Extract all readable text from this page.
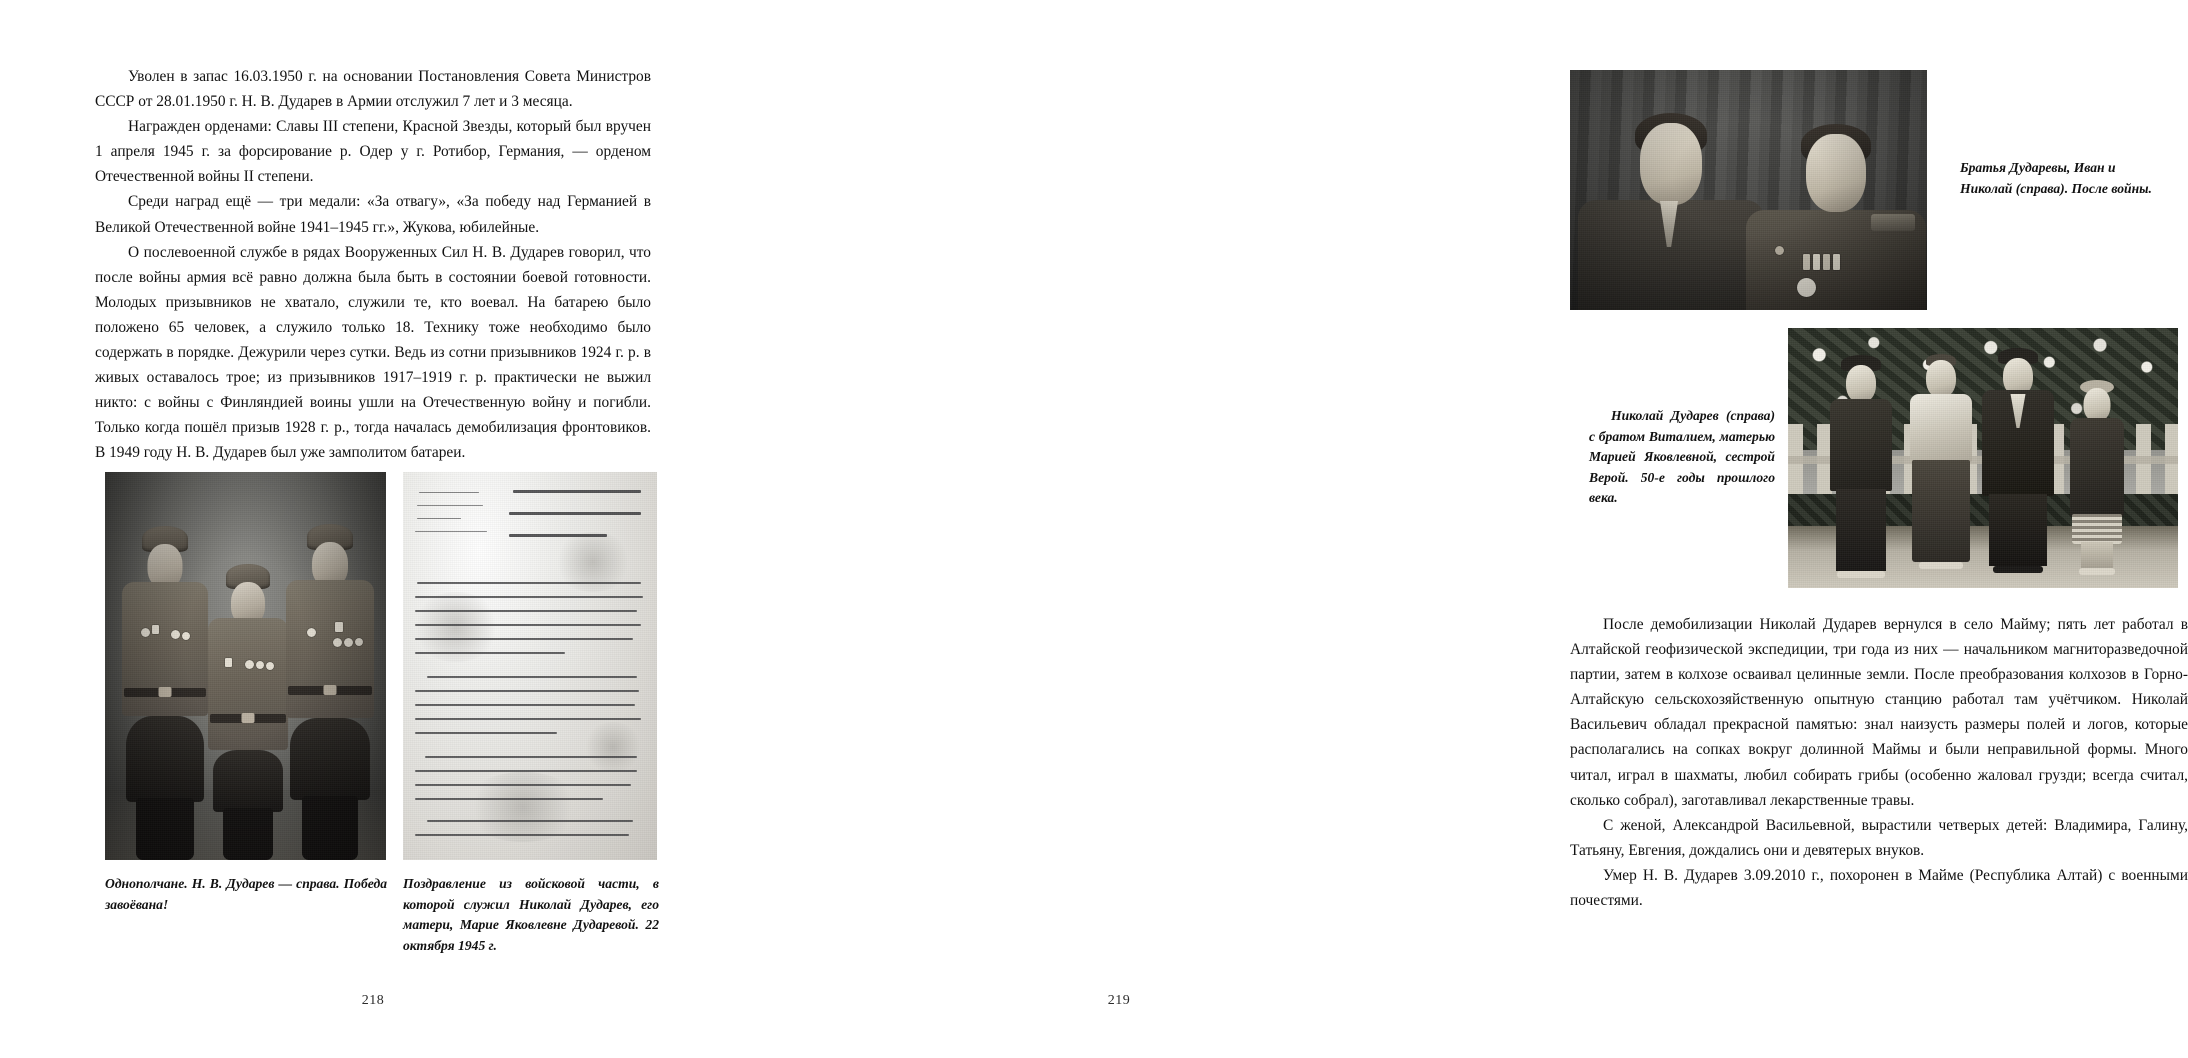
Уволен в запас 16.03.1950 г. на основании Постановления Совета Министров СССР от 28.01.1950 г. Н. В. Дударев в Армии отслужил 7 лет и 3 месяца.

Награжден орденами: Славы III степени, Красной Звезды, который был вручен 1 апреля 1945 г. за форсирование р. Одер у г. Ротибор, Германия, — орденом Отечественной войны II степени.

Среди наград ещё — три медали: «За отвагу», «За победу над Германией в Великой Отечественной войне 1941–1945 гг.», Жукова, юбилейные.

О послевоенной службе в рядах Вооруженных Сил Н. В. Дударев говорил, что после войны армия всё равно должна была быть в состоянии боевой готовности. Молодых призывников не хватало, служили те, кто воевал. На батарею было положено 65 человек, а служило только 18. Технику тоже необходимо было содержать в порядке. Дежурили через сутки. Ведь из сотни призывников 1924 г. р. в живых оставалось трое; из призывников 1917–1919 г. р. практически не выжил никто: с войны с Финляндией воины ушли на Отечественную войну и погибли. Только когда пошёл призыв 1928 г. р., тогда началась демобилизация фронтовиков. В 1949 году Н. В. Дударев был уже замполитом батареи.

Однополчане. Н. В. Дударев — справа. Победа завоёвана!

Поздравление из войсковой части, в которой служил Николай Дударев, его матери, Марие Яковлевне Дударевой. 22 октября 1945 г.

218

Братья Дударевы, Иван и Николай (справа). После войны.

Николай Дударев (справа) с братом Виталием, матерью Марией Яковлевной, сестрой Верой. 50-е годы прошлого века.

После демобилизации Николай Дударев вернулся в село Майму; пять лет работал в Алтайской геофизической экспедиции, три года из них — начальником магниторазведочной партии, затем в колхозе осваивал целинные земли. После преобразования колхозов в Горно-Алтайскую сельскохозяйственную опытную станцию работал там учётчиком. Николай Васильевич обладал прекрасной памятью: знал наизусть размеры полей и логов, которые располагались на сопках вокруг долинной Маймы и были неправильной формы. Много читал, играл в шахматы, любил собирать грибы (особенно жаловал грузди; всегда считал, сколько собрал), заготавливал лекарственные травы.

С женой, Александрой Васильевной, вырастили четверых детей: Владимира, Галину, Татьяну, Евгения, дождались они и девятерых внуков.

Умер Н. В. Дударев 3.09.2010 г., похоронен в Майме (Республика Алтай) с военными почестями.

219
